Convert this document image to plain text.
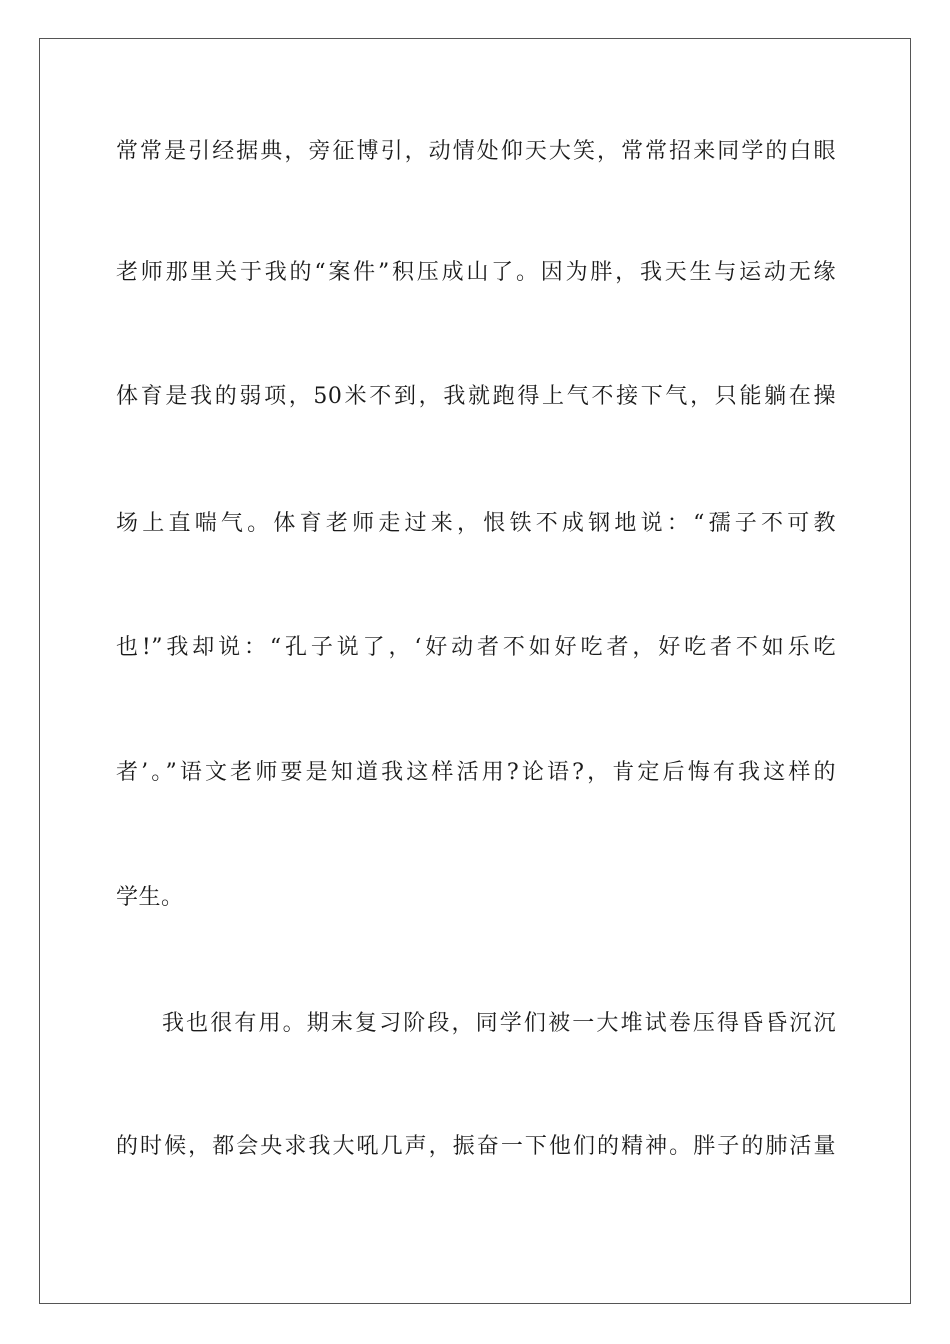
常常是引经据典，旁征博引，动情处仰天大笑，常常招来同学的白眼
老师那里关于我的“案件”积压成山了。因为胖，我天生与运动无缘
体育是我的弱项，50米不到，我就跑得上气不接下气，只能躺在操
场上直喘气。体育老师走过来，恨铁不成钢地说：“孺子不可教
也!”我却说：“孔子说了，‘好动者不如好吃者，好吃者不如乐吃
者’。”语文老师要是知道我这样活用?论语?，肯定后悔有我这样的
学生。
我也很有用。期末复习阶段，同学们被一大堆试卷压得昏昏沉沉
的时候，都会央求我大吼几声，振奋一下他们的精神。胖子的肺活量
